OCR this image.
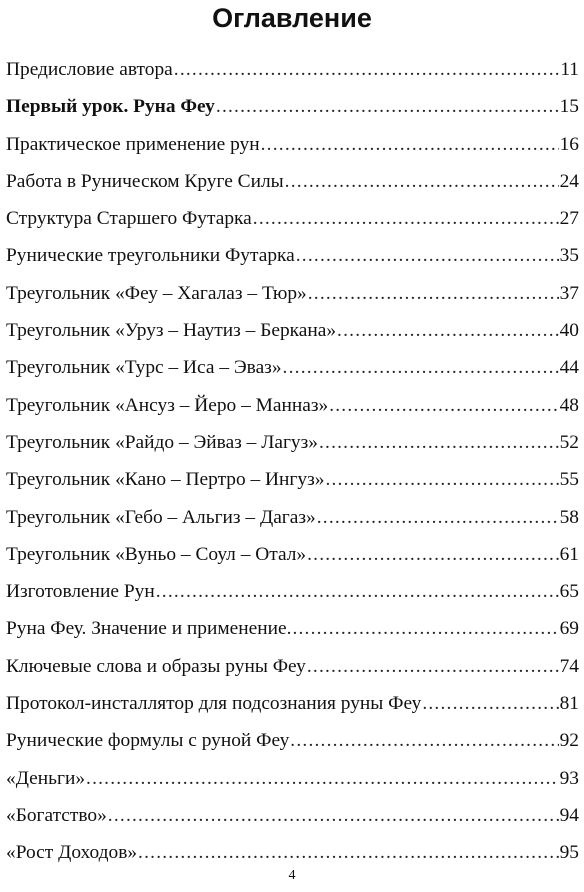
Оглавление
Предисловие автора .....	11
Первый урок. Руна Феу .....	15
Практическое применение рун .....	16
Работа в Руническом Круге Силы .....	24
Структура Старшего Футарка .....	27
Рунические треугольники Футарка .....	35
Треугольник «Феу – Хагалаз – Тюр» .....	37
Треугольник «Уруз – Наутиз – Беркана» .....	40
Треугольник «Турс – Иса – Эваз» .....	44
Треугольник «Ансуз – Йеро – Манназ» .....	48
Треугольник «Райдо – Эйваз – Лагуз» .....	52
Треугольник «Кано – Пертро – Ингуз» .....	55
Треугольник «Гебо – Альгиз – Дагаз» .....	58
Треугольник «Вуньо – Соул – Отал» .....	61
Изготовление Рун .....	65
Руна Феу. Значение и применение. .....	69
Ключевые слова и образы руны Феу .....	74
Протокол-инсталлятор для подсознания руны Феу .....	81
Рунические формулы с руной Феу .....	92
«Деньги» .....	93
«Богатство» .....	94
«Рост Доходов» .....	95
4
